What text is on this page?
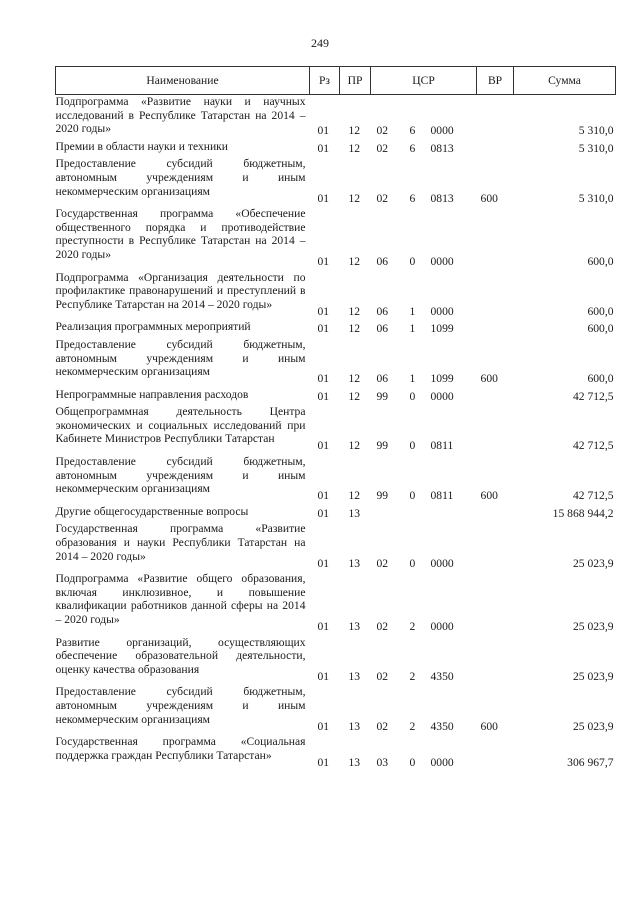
249
Наименование	Рз	ПР	ЦСР			ВР	Сумма
Подпрограмма «Развитие науки и научных исследований в Республике Татарстан на 2014 – 2020 годы»	01	12	02	6	0000		5 310,0
Премии в области науки и техники	01	12	02	6	0813		5 310,0
Предоставление субсидий бюджетным, автономным учреждениям и иным некоммерческим организациям	01	12	02	6	0813	600	5 310,0
Государственная программа «Обеспечение общественного порядка и противодействие преступности в Республике Татарстан на 2014 – 2020 годы»	01	12	06	0	0000		600,0
Подпрограмма «Организация деятельности по профилактике правонарушений и преступлений в Республике Татарстан на 2014 – 2020 годы»	01	12	06	1	0000		600,0
Реализация программных мероприятий	01	12	06	1	1099		600,0
Предоставление субсидий бюджетным, автономным учреждениям и иным некоммерческим организациям	01	12	06	1	1099	600	600,0
Непрограммные направления расходов	01	12	99	0	0000		42 712,5
Общепрограммная деятельность Центра экономических и социальных исследований при Кабинете Министров Республики Татарстан	01	12	99	0	0811		42 712,5
Предоставление субсидий бюджетным, автономным учреждениям и иным некоммерческим организациям	01	12	99	0	0811	600	42 712,5
Другие общегосударственные вопросы	01	13					15 868 944,2
Государственная программа «Развитие образования и науки Республики Татарстан на 2014 – 2020 годы»	01	13	02	0	0000		25 023,9
Подпрограмма «Развитие общего образования, включая инклюзивное, и повышение квалификации работников данной сферы на 2014 – 2020 годы»	01	13	02	2	0000		25 023,9
Развитие организаций, осуществляющих обеспечение образовательной деятельности, оценку качества образования	01	13	02	2	4350		25 023,9
Предоставление субсидий бюджетным, автономным учреждениям и иным некоммерческим организациям	01	13	02	2	4350	600	25 023,9
Государственная программа «Социальная поддержка граждан Республики Татарстан»	01	13	03	0	0000		306 967,7
